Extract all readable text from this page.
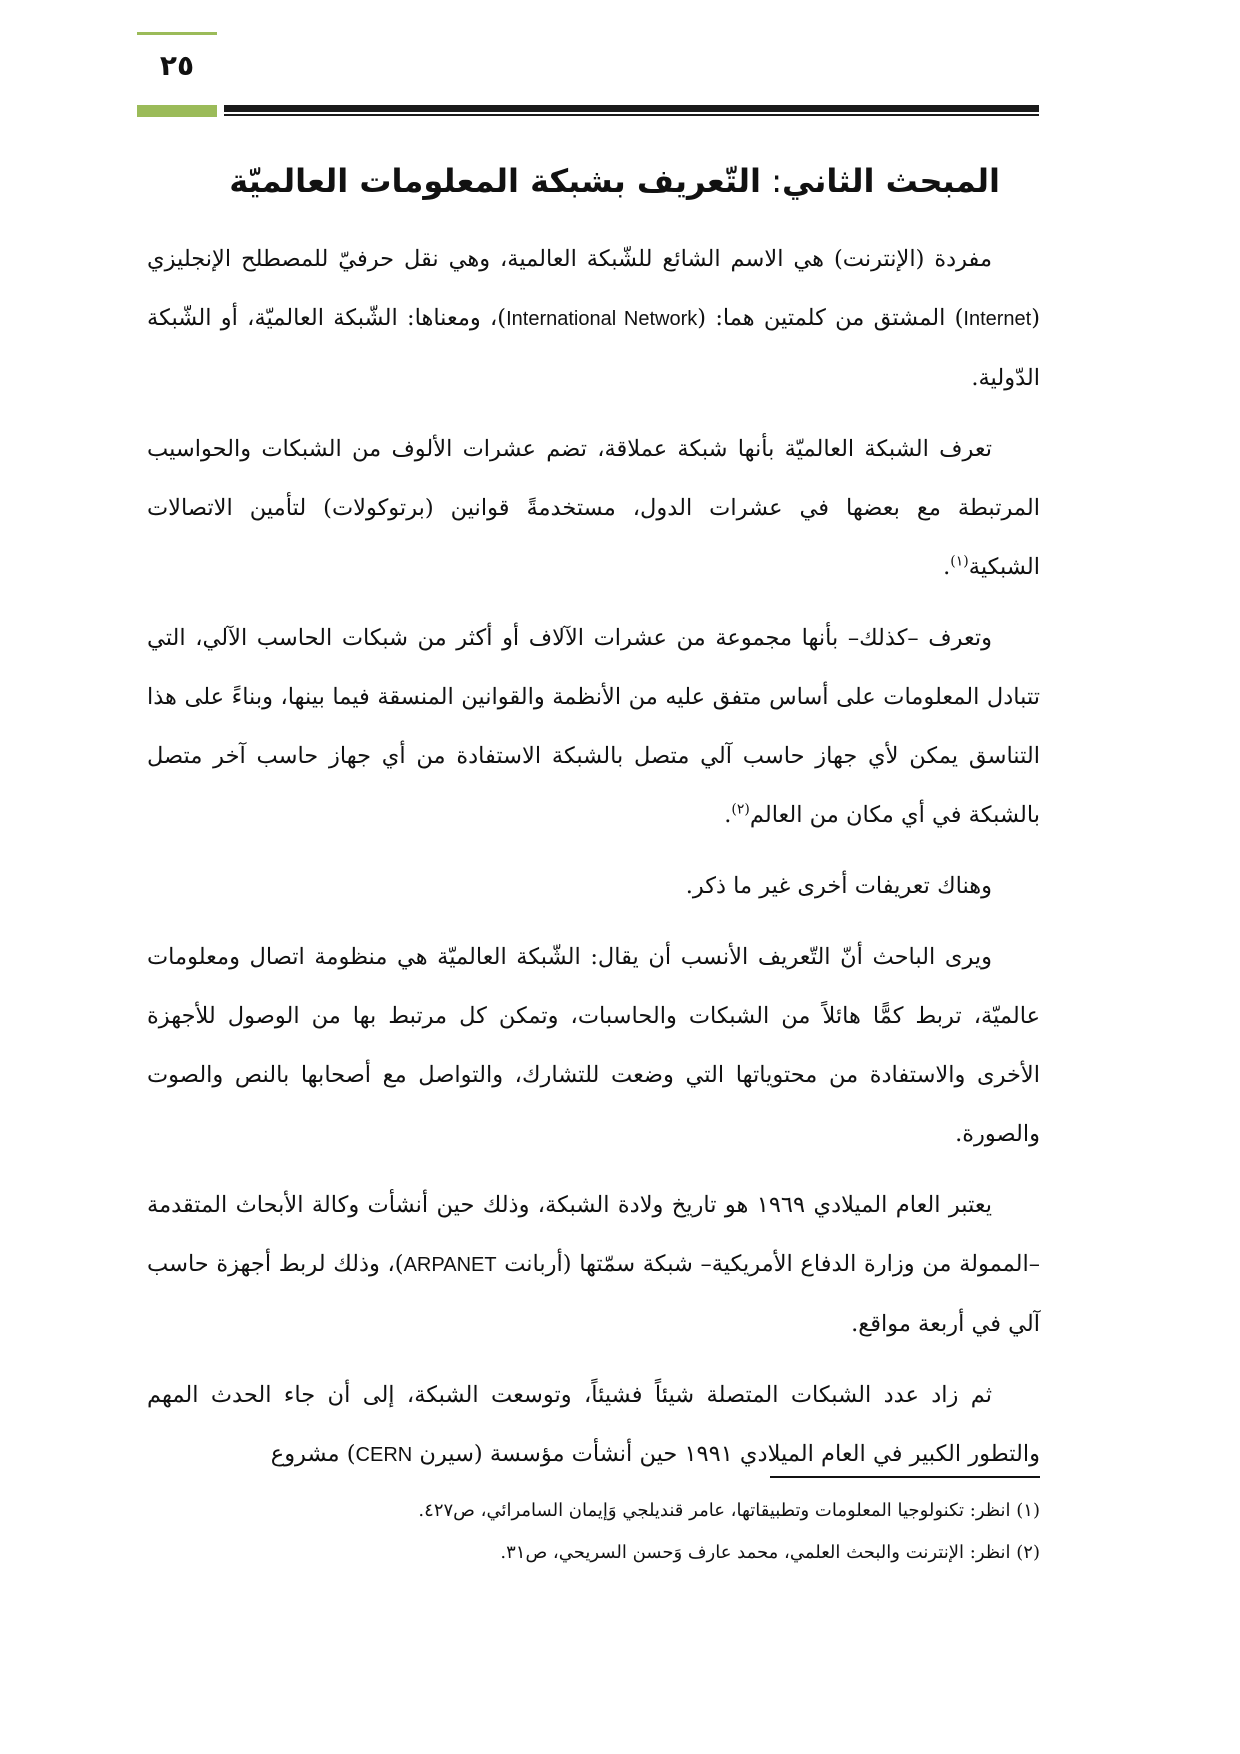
٢٥
المبحث الثاني: التّعريف بشبكة المعلومات العالميّة

مفردة (الإنترنت) هي الاسم الشائع للشّبكة العالمية، وهي نقل حرفيّ للمصطلح الإنجليزي (Internet) المشتق من كلمتين هما: (International Network)، ومعناها: الشّبكة العالميّة، أو الشّبكة الدّولية.

تعرف الشبكة العالميّة بأنها شبكة عملاقة، تضم عشرات الألوف من الشبكات والحواسيب المرتبطة مع بعضها في عشرات الدول، مستخدمةً قوانين (برتوكولات) لتأمين الاتصالات الشبكية$^{(١)}$.

وتعرف –كذلك– بأنها مجموعة من عشرات الآلاف أو أكثر من شبكات الحاسب الآلي، التي تتبادل المعلومات على أساس متفق عليه من الأنظمة والقوانين المنسقة فيما بينها، وبناءً على هذا التناسق يمكن لأي جهاز حاسب آلي متصل بالشبكة الاستفادة من أي جهاز حاسب آخر متصل بالشبكة في أي مكان من العالم$^{(٢)}$.

وهناك تعريفات أخرى غير ما ذكر.

ويرى الباحث أنّ التّعريف الأنسب أن يقال: الشّبكة العالميّة هي منظومة اتصال ومعلومات عالميّة، تربط كمًّا هائلاً من الشبكات والحاسبات، وتمكن كل مرتبط بها من الوصول للأجهزة الأخرى والاستفادة من محتوياتها التي وضعت للتشارك، والتواصل مع أصحابها بالنص والصوت والصورة.

يعتبر العام الميلادي ١٩٦٩ هو تاريخ ولادة الشبكة، وذلك حين أنشأت وكالة الأبحاث المتقدمة –الممولة من وزارة الدفاع الأمريكية– شبكة سمّتها (أربانت ARPANET)، وذلك لربط أجهزة حاسب آلي في أربعة مواقع.

ثم زاد عدد الشبكات المتصلة شيئاً فشيئاً، وتوسعت الشبكة، إلى أن جاء الحدث المهم والتطور الكبير في العام الميلادي ١٩٩١ حين أنشأت مؤسسة (سيرن CERN) مشروع

(١) انظر: تكنولوجيا المعلومات وتطبيقاتها، عامر قنديلجي وَإيمان السامرائي، ص٤٢٧.
(٢) انظر: الإنترنت والبحث العلمي، محمد عارف وَحسن السريحي، ص٣١.
